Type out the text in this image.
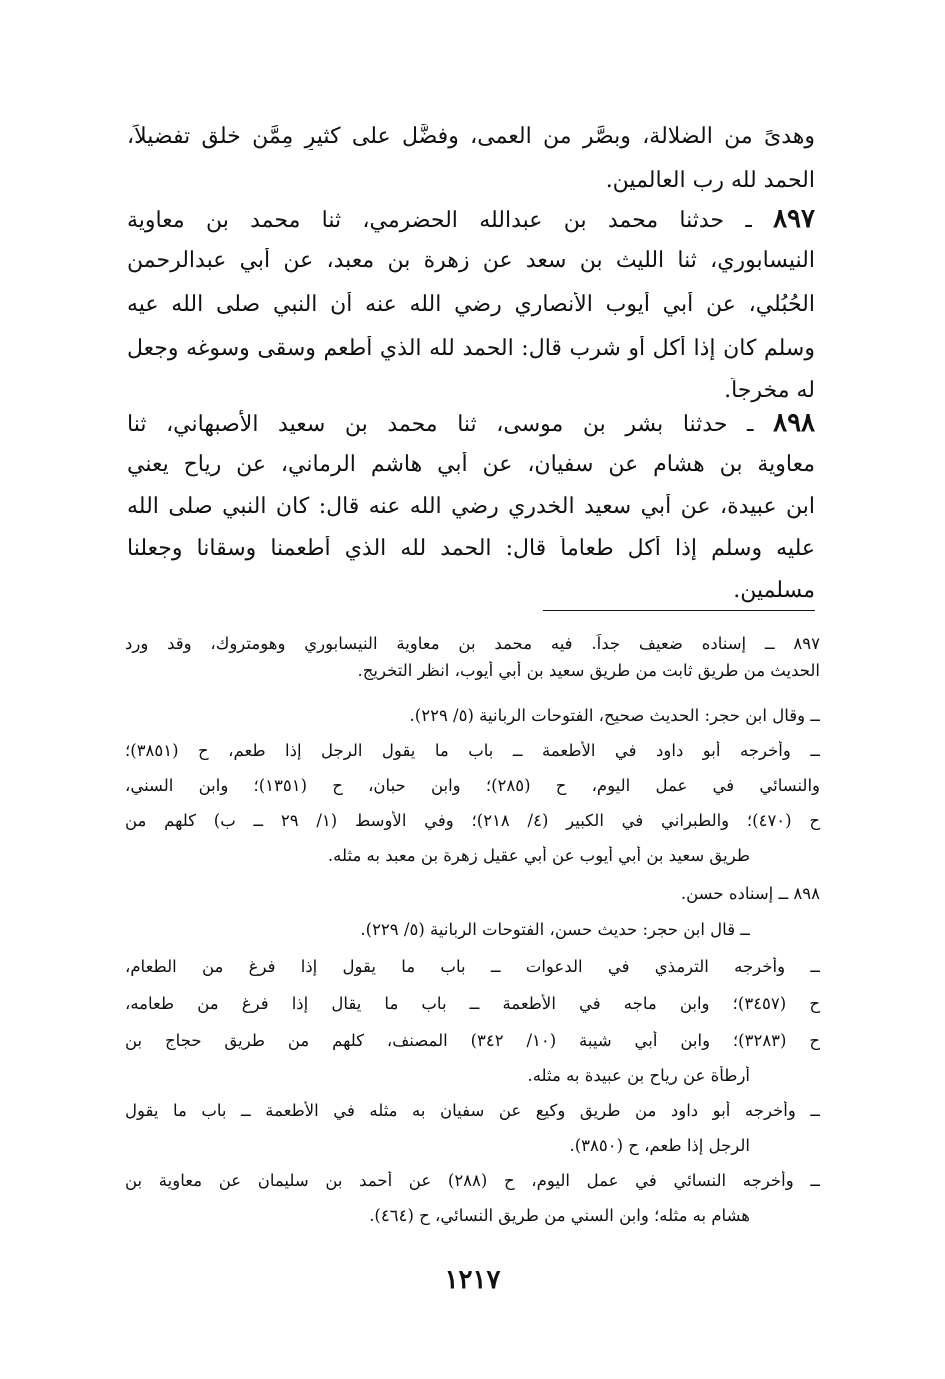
وهدىً من الضلالة، وبصَّر من العمى، وفضَّل على كثيرٍ مِمَّن خلق تفضيلاً،
الحمد لله رب العالمين.
٨٩٧ ـ حدثنا محمد بن عبدالله الحضرمي، ثنا محمد بن معاوية
النيسابوري، ثنا الليث بن سعد عن زهرة بن معبد، عن أبي عبدالرحمن
الحُبُلي، عن أبي أيوب الأنصاري رضي الله عنه أن النبي صلى الله عيه
وسلم كان إذا أكل أو شرب قال: الحمد لله الذي أطعم وسقى وسوغه وجعل
له مخرجاً.
٨٩٨ ـ حدثنا بشر بن موسى، ثنا محمد بن سعيد الأصبهاني، ثنا
معاوية بن هشام عن سفيان، عن أبي هاشم الرماني، عن رياح يعني
ابن عبيدة، عن أبي سعيد الخدري رضي الله عنه قال: كان النبي صلى الله
عليه وسلم إذا أكل طعاماً قال: الحمد لله الذي أطعمنا وسقانا وجعلنا
مسلمين.
٨٩٧ ــ إسناده ضعيف جداً. فيه محمد بن معاوية النيسابوري وهومتروك، وقد ورد
الحديث من طريق ثابت من طريق سعيد بن أبي أيوب، انظر التخريج.
ــ وقال ابن حجر: الحديث صحيح، الفتوحات الربانية (٥/ ٢٢٩).
ــ وأخرجه أبو داود في الأطعمة ــ باب ما يقول الرجل إذا طعم، ح (٣٨٥١)؛
والنسائي في عمل اليوم، ح (٢٨٥)؛ وابن حبان، ح (١٣٥١)؛ وابن السني،
ح (٤٧٠)؛ والطبراني في الكبير (٤/ ٢١٨)؛ وفي الأوسط (١/ ٢٩ ــ ب) كلهم من
طريق سعيد بن أبي أيوب عن أبي عقيل زهرة بن معبد به مثله.
٨٩٨ ــ إسناده حسن.
ــ قال ابن حجر: حديث حسن، الفتوحات الربانية (٥/ ٢٢٩).
ــ وأخرجه الترمذي في الدعوات ــ باب ما يقول إذا فرغ من الطعام،
ح (٣٤٥٧)؛ وابن ماجه في الأطعمة ــ باب ما يقال إذا فرغ من طعامه،
ح (٣٢٨٣)؛ وابن أبي شيبة (١٠/ ٣٤٢) المصنف، كلهم من طريق حجاج بن
أرطأة عن رياح بن عبيدة به مثله.
ــ وأخرجه أبو داود من طريق وكيع عن سفيان به مثله في الأطعمة ــ باب ما يقول
الرجل إذا طعم، ح (٣٨٥٠).
ــ وأخرجه النسائي في عمل اليوم، ح (٢٨٨) عن أحمد بن سليمان عن معاوية بن
هشام به مثله؛ وابن السني من طريق النسائي، ح (٤٦٤).
١٢١٧
